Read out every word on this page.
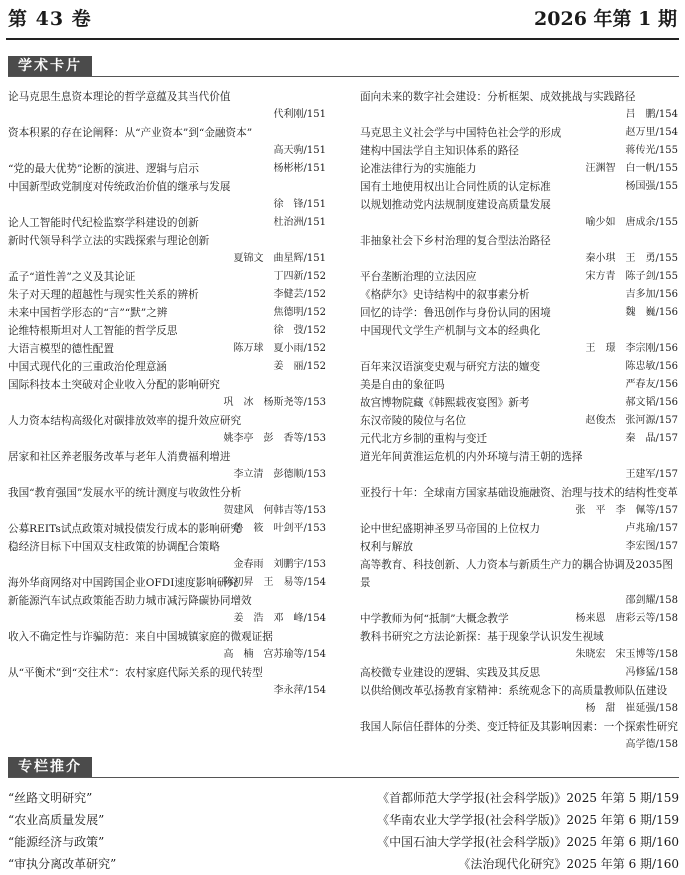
第 43 卷	2026 年第 1 期
学术卡片
论马克思生息资本理论的哲学意蕴及其当代价值
代利刚/151
资本积累的存在论阐释：从“产业资本”到“金融资本”
高天驹/151
“党的最大优势”论断的演进、逻辑与启示	杨彬彬/151
中国新型政党制度对传统政治价值的继承与发展
徐　锋/151
论人工智能时代纪检监察学科建设的创新	杜治洲/151
新时代领导科学立法的实践探索与理论创新
夏锦文　曲星辉/151
孟子“道性善”之义及其论证	丁四新/152
朱子对天理的超越性与现实性关系的辨析	李健芸/152
未来中国哲学形态的“言”“默”之辨	焦德明/152
论维特根斯坦对人工智能的哲学反思	徐　弢/152
大语言模型的德性配置	陈万球　夏小雨/152
中国式现代化的三重政治伦理意涵	姜　丽/152
国际科技本土突破对企业收入分配的影响研究
巩　冰　杨斯尧等/153
人力资本结构高级化对碳排放效率的提升效应研究
姚李亭　彭　香等/153
居家和社区养老服务改革与老年人消费福利增进
李立清　彭德顺/153
我国“教育强国”发展水平的统计测度与收敛性分析
贺建风　何韩吉等/153
公募REITs试点政策对城投债发行成本的影响研究
鲁　筱　叶剑平/153
稳经济目标下中国双支柱政策的协调配合策略
金春雨　刘鹏宇/153
海外华商网络对中国跨国企业OFDI速度影响研究
陈初昇　王　易等/154
新能源汽车试点政策能否助力城市减污降碳协同增效
姜　浩　邓　峰/154
收入不确定性与诈骗防范：来自中国城镇家庭的微观证据
高　楠　宫苏瑜等/154
从“平衡术”到“交往术”：农村家庭代际关系的现代转型
李永萍/154
面向未来的数字社会建设：分析框架、成效挑战与实践路径
吕　鹏/154
马克思主义社会学与中国特色社会学的形成	赵万里/154
建构中国法学自主知识体系的路径	蒋传光/155
论准法律行为的实施能力	汪渊智　白一帆/155
国有土地使用权出让合同性质的认定标准	杨国强/155
以规划推动党内法规制度建设高质量发展
喻少如　唐成余/155
非抽象社会下乡村治理的复合型法治路径
秦小琪　王　勇/155
平台垄断治理的立法因应	宋方青　陈子剑/155
《格萨尔》史诗结构中的叙事素分析	吉多加/156
回忆的诗学：鲁迅创作与身份认同的困境	魏　巍/156
中国现代文学生产机制与文本的经典化
王　璟　李宗刚/156
百年来汉语演变史观与研究方法的嬗变	陈忠敏/156
美是自由的象征吗	严春友/156
故宫博物院藏《韩熙载夜宴图》新考	郝文韬/156
东汉帝陵的陵位与名位	赵俊杰　张河源/157
元代北方乡制的重构与变迁	秦　晶/157
道光年间黄淮运危机的内外环境与清王朝的选择
王建军/157
亚投行十年：全球南方国家基础设施融资、治理与技术的结构性变革
张　平　李　佩等/157
论中世纪盛期神圣罗马帝国的上位权力	卢兆瑜/157
权利与解放	李宏图/157
高等教育、科技创新、人力资本与新质生产力的耦合协调及2035图景
邵剑耀/158
中学教师为何“抵制”大概念教学	杨来恩　唐彩云等/158
教科书研究之方法论新探：基于现象学认识发生视域
朱晓宏　宋玉博等/158
高校微专业建设的逻辑、实践及其反思	冯修猛/158
以供给侧改革弘扬教育家精神：系统观念下的高质量教师队伍建设
杨　甜　崔延强/158
我国人际信任群体的分类、变迁特征及其影响因素：一个探索性研究
高学德/158
专栏推介
“丝路文明研究”	《首都师范大学学报(社会科学版)》2025 年第 5 期/159
“农业高质量发展”	《华南农业大学学报(社会科学版)》2025 年第 6 期/159
“能源经济与政策”	《中国石油大学学报(社会科学版)》2025 年第 6 期/160
“审执分离改革研究”	《法治现代化研究》2025 年第 6 期/160
